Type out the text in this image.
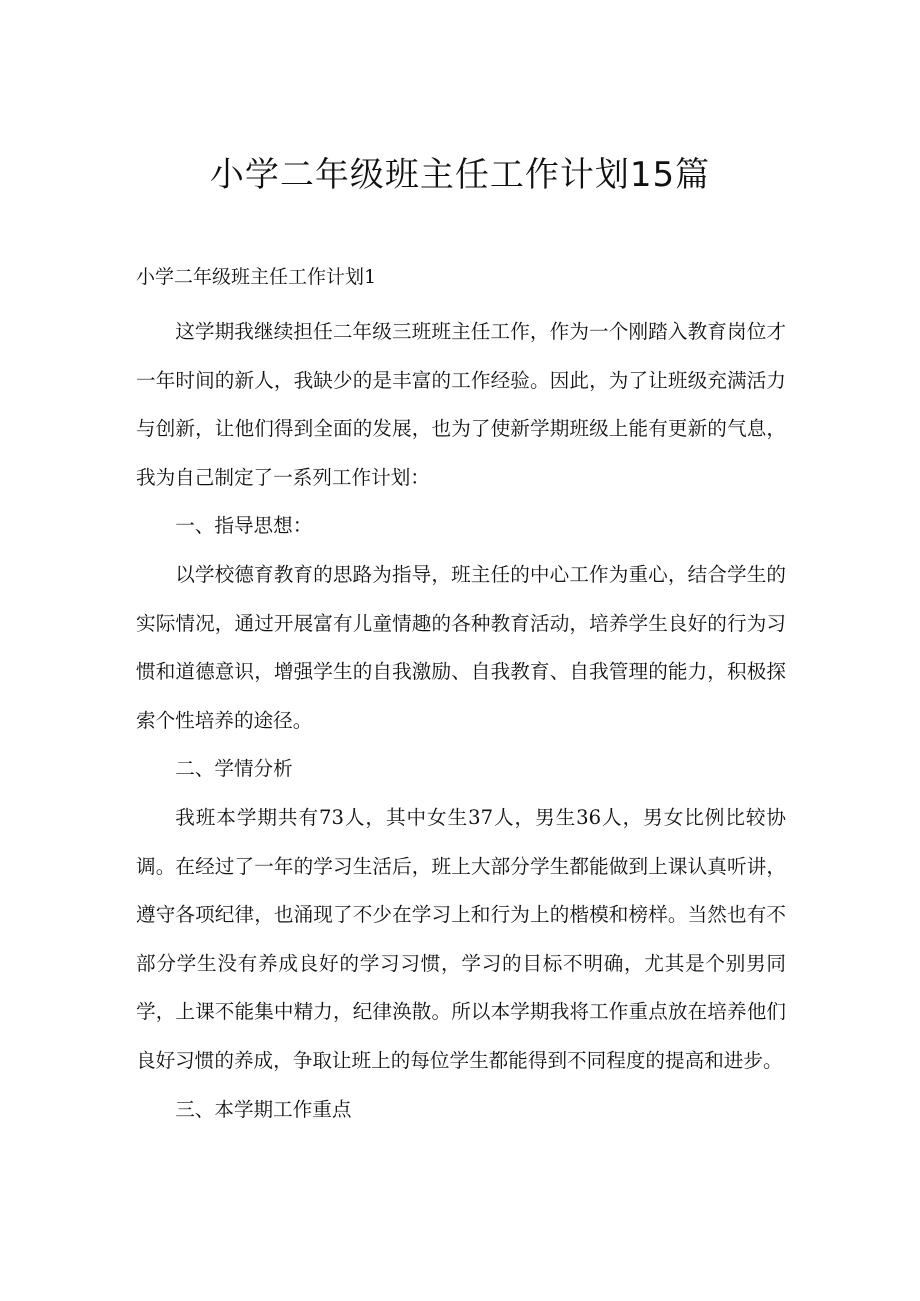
小学二年级班主任工作计划15篇

小学二年级班主任工作计划1

这学期我继续担任二年级三班班主任工作，作为一个刚踏入教育岗位才一年时间的新人，我缺少的是丰富的工作经验。因此，为了让班级充满活力与创新，让他们得到全面的发展，也为了使新学期班级上能有更新的气息，我为自己制定了一系列工作计划：

一、指导思想：

以学校德育教育的思路为指导，班主任的中心工作为重心，结合学生的实际情况，通过开展富有儿童情趣的各种教育活动，培养学生良好的行为习惯和道德意识，增强学生的自我激励、自我教育、自我管理的能力，积极探索个性培养的途径。

二、学情分析

我班本学期共有73人，其中女生37人，男生36人，男女比例比较协调。在经过了一年的学习生活后，班上大部分学生都能做到上课认真听讲，遵守各项纪律，也涌现了不少在学习上和行为上的楷模和榜样。当然也有不部分学生没有养成良好的学习习惯，学习的目标不明确，尤其是个别男同学，上课不能集中精力，纪律涣散。所以本学期我将工作重点放在培养他们良好习惯的养成，争取让班上的每位学生都能得到不同程度的提高和进步。

三、本学期工作重点
